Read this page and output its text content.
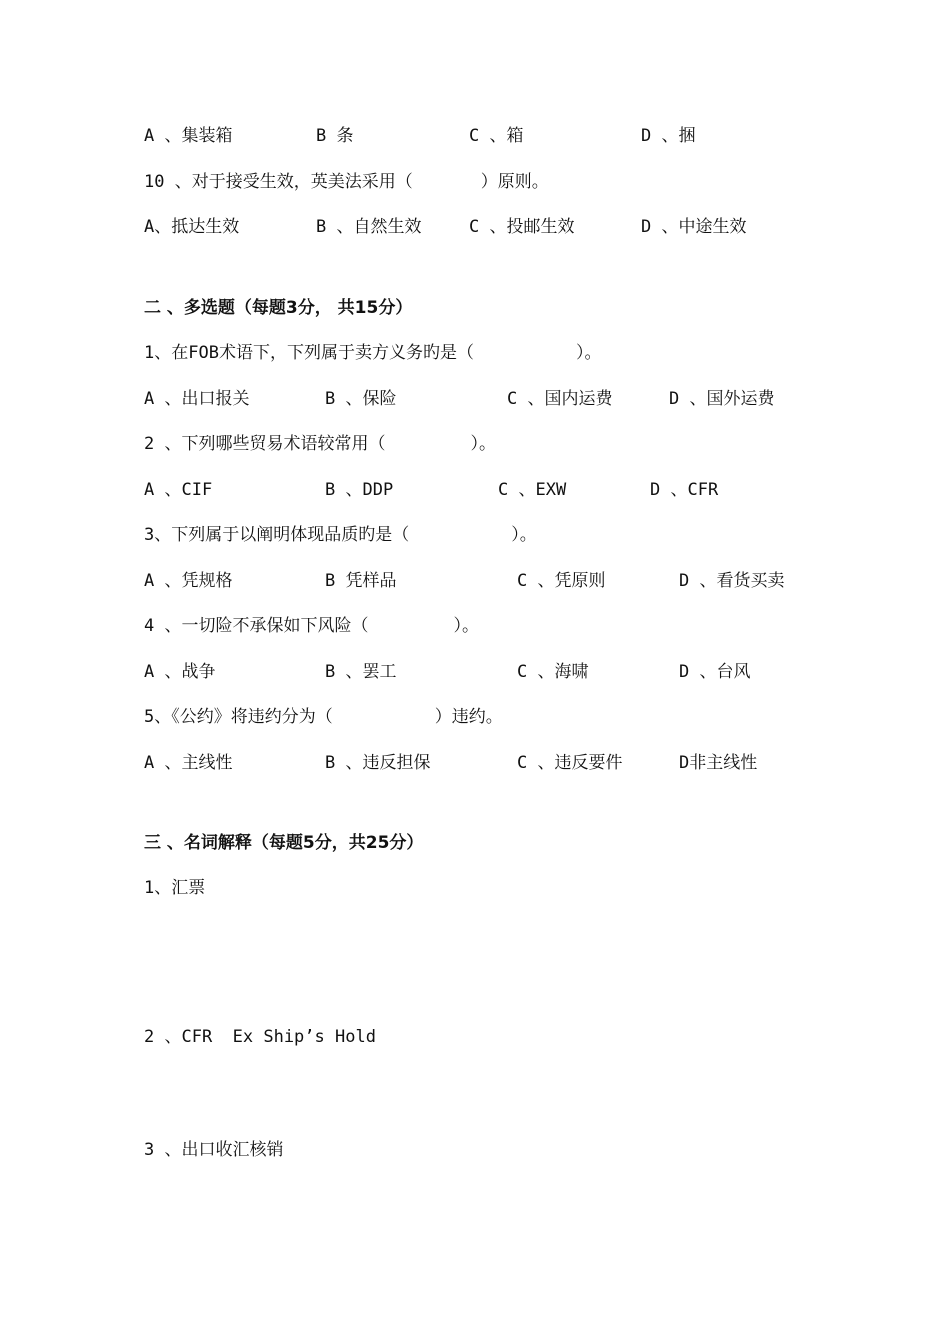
A 、集装箱

	B 条

	C 、箱

	D 、捆

10 、对于接受生效，英美法采用（　　　　）原则。

A、抵达生效

	B 、自然生效

	C 、投邮生效

	D 、中途生效

二 、多选题（每题3分， 共15分）
1、在FOB术语下，下列属于卖方义务旳是（　　　　　　）。

A 、出口报关

	B 、保险

	C 、国内运费

	D 、国外运费

2 、下列哪些贸易术语较常用（　　　　　）。

A 、CIF

	B 、DDP

	C 、EXW

	D 、CFR

3、下列属于以阐明体现品质旳是（　　　　　　）。

A 、凭规格

	B 凭样品

	C 、凭原则

	D 、看货买卖

4 、一切险不承保如下风险（　　　　　）。

A 、战争

	B 、罢工

	C 、海啸

	D 、台风

5、《公约》将违约分为（　　　　　　）违约。

A 、主线性

	B 、违反担保

	C 、违反要件

	D非主线性

三 、名词解释（每题5分，共25分）
1、汇票
2 、CFR  Ex Ship’s Hold
3 、出口收汇核销
